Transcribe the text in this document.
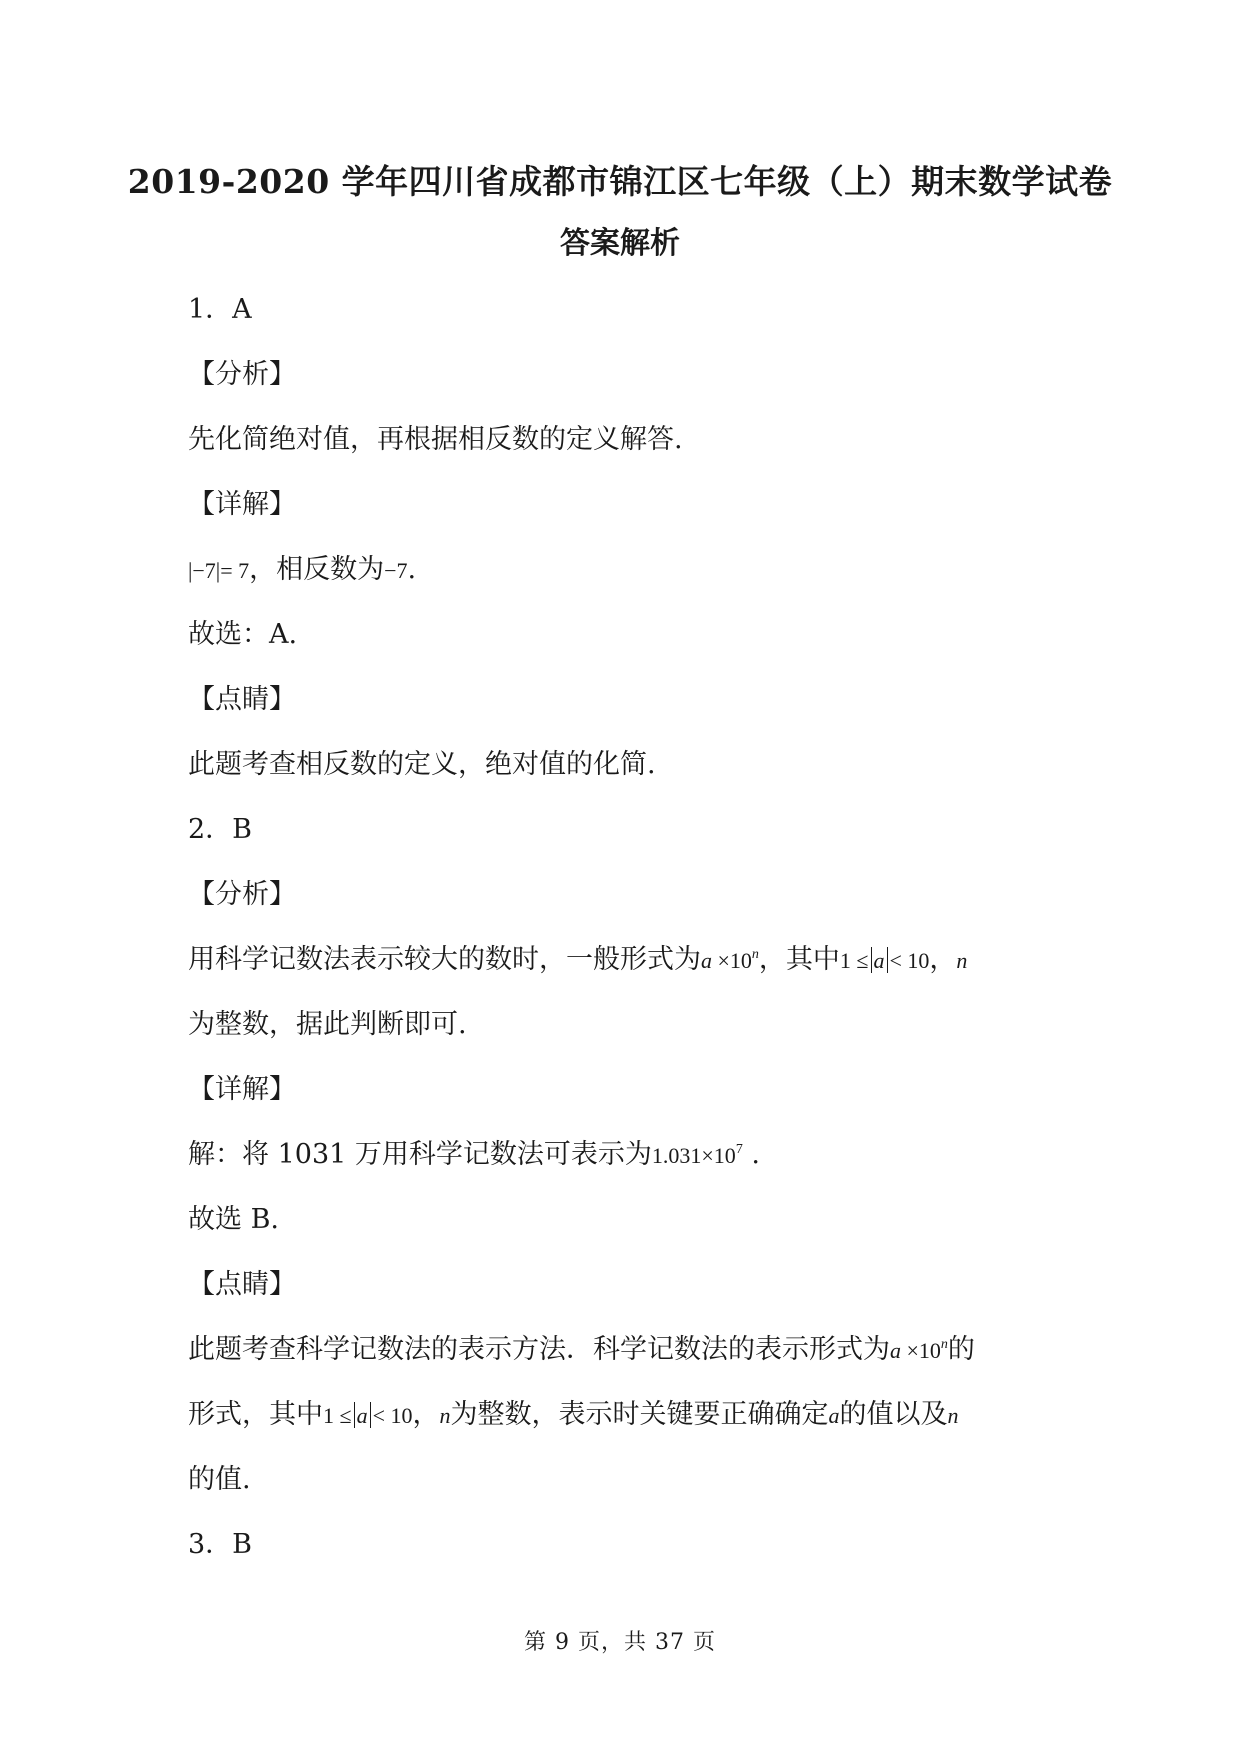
2019-2020 学年四川省成都市锦江区七年级（上）期末数学试卷
答案解析
1．A
【分析】
先化简绝对值，再根据相反数的定义解答.
【详解】
|−7|= 7，相反数为−7.
故选：A.
【点睛】
此题考查相反数的定义，绝对值的化简.
2．B
【分析】
用科学记数法表示较大的数时，一般形式为$a \times 10^n$，其中1 ≤ a < 10，n
为整数，据此判断即可.
【详解】
解：将 1031 万用科学记数法可表示为$1.031\times 10^7$ .
故选 B.
【点睛】
此题考查科学记数法的表示方法．科学记数法的表示形式为$a \times 10^n$的
形式，其中1 ≤ a < 10，n为整数，表示时关键要正确确定a的值以及n
的值.
3．B
第 9 页，共 37 页
